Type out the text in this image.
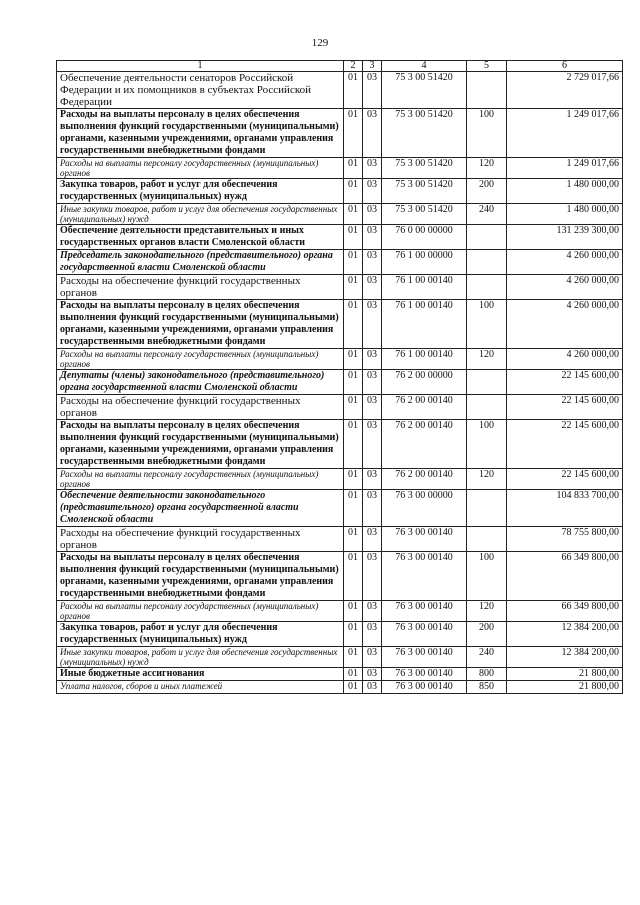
129
1	2	3	4	5	6
Обеспечение деятельности сенаторов Российской Федерации и их помощников в субъектах Российской Федерации	01	03	75 3 00 51420		2 729 017,66
Расходы на выплаты персоналу в целях обеспечения выполнения функций государственными (муниципальными) органами, казенными учреждениями, органами управления государственными внебюджетными фондами	01	03	75 3 00 51420	100	1 249 017,66
Расходы на выплаты персоналу государственных (муниципальных) органов	01	03	75 3 00 51420	120	1 249 017,66
Закупка товаров, работ и услуг для обеспечения государственных (муниципальных) нужд	01	03	75 3 00 51420	200	1 480 000,00
Иные закупки товаров, работ и услуг для обеспечения государственных (муниципальных) нужд	01	03	75 3 00 51420	240	1 480 000,00
Обеспечение деятельности представительных и иных государственных органов власти Смоленской области	01	03	76 0 00 00000		131 239 300,00
Председатель законодательного (представительного) органа государственной власти Смоленской области	01	03	76 1 00 00000		4 260 000,00
Расходы на обеспечение функций государственных органов	01	03	76 1 00 00140		4 260 000,00
Расходы на выплаты персоналу в целях обеспечения выполнения функций государственными (муниципальными) органами, казенными учреждениями, органами управления государственными внебюджетными фондами	01	03	76 1 00 00140	100	4 260 000,00
Расходы на выплаты персоналу государственных (муниципальных) органов	01	03	76 1 00 00140	120	4 260 000,00
Депутаты (члены) законодательного (представительного) органа государственной власти Смоленской области	01	03	76 2 00 00000		22 145 600,00
Расходы на обеспечение функций государственных органов	01	03	76 2 00 00140		22 145 600,00
Расходы на выплаты персоналу в целях обеспечения выполнения функций государственными (муниципальными) органами, казенными учреждениями, органами управления государственными внебюджетными фондами	01	03	76 2 00 00140	100	22 145 600,00
Расходы на выплаты персоналу государственных (муниципальных) органов	01	03	76 2 00 00140	120	22 145 600,00
Обеспечение деятельности законодательного (представительного) органа государственной власти Смоленской области	01	03	76 3 00 00000		104 833 700,00
Расходы на обеспечение функций государственных органов	01	03	76 3 00 00140		78 755 800,00
Расходы на выплаты персоналу в целях обеспечения выполнения функций государственными (муниципальными) органами, казенными учреждениями, органами управления государственными внебюджетными фондами	01	03	76 3 00 00140	100	66 349 800,00
Расходы на выплаты персоналу государственных (муниципальных) органов	01	03	76 3 00 00140	120	66 349 800,00
Закупка товаров, работ и услуг для обеспечения государственных (муниципальных) нужд	01	03	76 3 00 00140	200	12 384 200,00
Иные закупки товаров, работ и услуг для обеспечения государственных (муниципальных) нужд	01	03	76 3 00 00140	240	12 384 200,00
Иные бюджетные ассигнования	01	03	76 3 00 00140	800	21 800,00
Уплата налогов, сборов и иных платежей	01	03	76 3 00 00140	850	21 800,00
